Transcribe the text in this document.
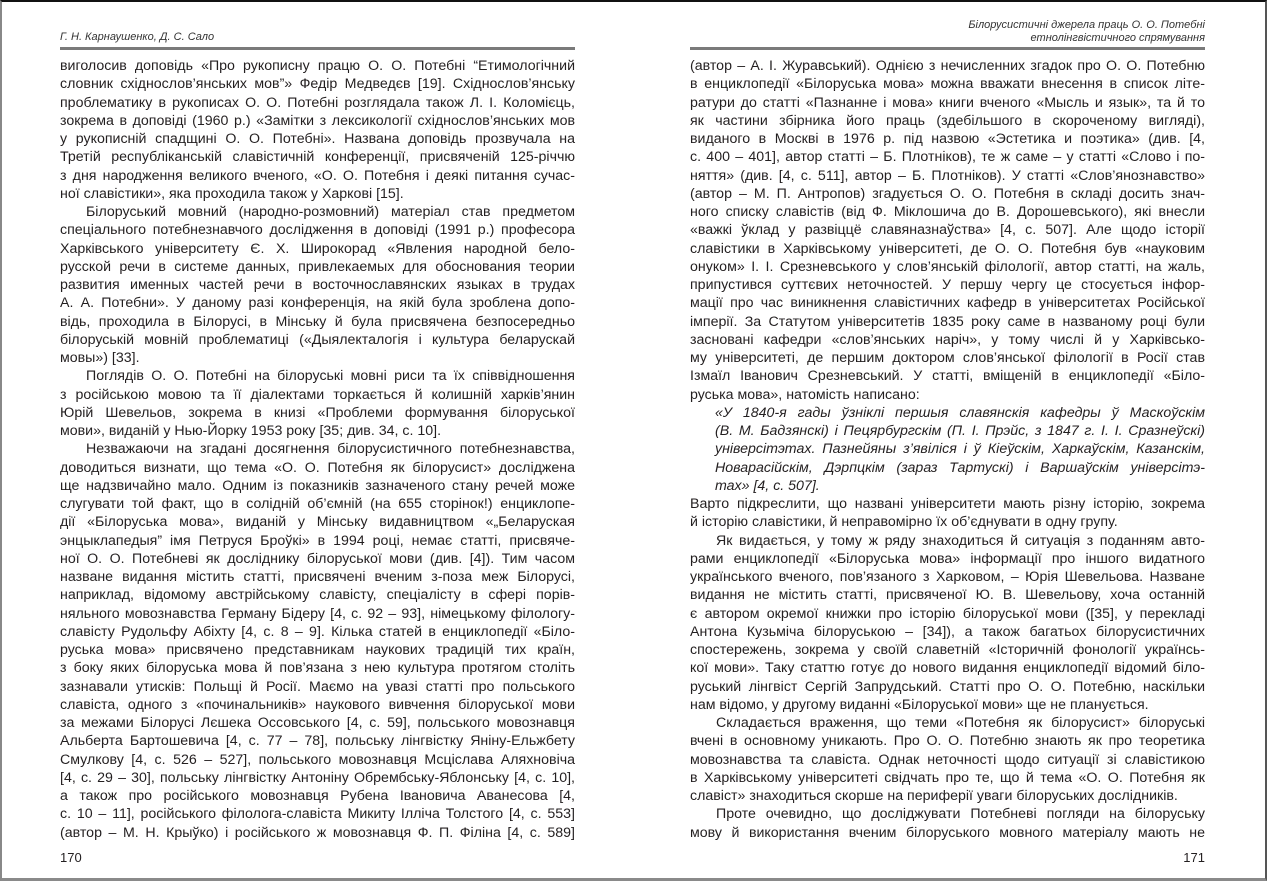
Г. Н. Карнаушенко, Д. С. Сало
виголосив доповідь «Про рукописну працю О. О. Потебні “Етимологічний
словник східнослов’янських мов”» Федір Медведєв [19]. Східнослов’янську
проблематику в рукописах О. О. Потебні розглядала також Л. І. Коломієць,
зокрема в доповіді (1960 р.) «Замітки з лексикології східнослов’янських мов
у рукописній спадщині О. О. Потебні». Названа доповідь прозвучала на
Третій республіканській славістичній конференції, присвяченій 125-річчю
з дня народження великого вченого, «О. О. Потебня і деякі питання сучас-
ної славістики», яка проходила також у Харкові [15].
Білоруський мовний (народно-розмовний) матеріал став предметом
спеціального потебнезнавчого дослідження в доповіді (1991 р.) професора
Харківського університету Є. Х. Широкорад «Явления народной бело-
русской речи в системе данных, привлекаемых для обоснования теории
развития именных частей речи в восточнославянских языках в трудах
А. А. Потебни». У даному разі конференція, на якій була зроблена допо-
відь, проходила в Білорусі, в Мінську й була присвячена безпосередньо
білоруській мовній проблематиці («Дыялекталогія і культура беларускай
мовы») [33].
Поглядів О. О. Потебні на білоруські мовні риси та їх співвідношення
з російською мовою та її діалектами торкається й колишній харків’янин
Юрій Шевельов, зокрема в книзі «Проблеми формування білоруської
мови», виданій у Нью-Йорку 1953 року [35; див. 34, с. 10].
Незважаючи на згадані досягнення білорусистичного потебнезнавства,
доводиться визнати, що тема «О. О. Потебня як білорусист» досліджена
ще надзвичайно мало. Одним із показників зазначеного стану речей може
слугувати той факт, що в солідній об’ємній (на 655 сторінок!) енциклопе-
дії «Білоруська мова», виданій у Мінську видавництвом «„Беларуская
энцыклапедыя” імя Петруся Броўкі» в 1994 році, немає статті, присвяче-
ної О. О. Потебневі як досліднику білоруської мови (див. [4]). Тим часом
назване видання містить статті, присвячені вченим з-поза меж Білорусі,
наприклад, відомому австрійському славісту, спеціалісту в сфері порів-
няльного мовознавства Герману Бідеру [4, с. 92 – 93], німецькому філологу-
славісту Рудольфу Абіхту [4, с. 8 – 9]. Кілька статей в енциклопедії «Біло-
руська мова» присвячено представникам наукових традицій тих країн,
з боку яких білоруська мова й пов’язана з нею культура протягом століть
зазнавали утисків: Польщі й Росії. Маємо на увазі статті про польського
славіста, одного з «починальників» наукового вивчення білоруської мови
за межами Білорусі Лєшека Оссовського [4, с. 59], польського мовознавця
Альберта Бартошевича [4, с. 77 – 78], польську лінгвістку Яніну-Ельжбету
Смулкову [4, с. 526 – 527], польського мовознавця Мсціслава Аляхновіча
[4, с. 29 – 30], польську лінгвістку Антоніну Обрембську-Яблонську [4, с. 10],
а також про російського мовознавця Рубена Івановича Аванесова [4,
с. 10 – 11], російського філолога-славіста Микиту Ілліча Толстого [4, с. 553]
(автор – М. Н. Крыўко) і російського ж мовознавця Ф. П. Філіна [4, с. 589]
170
Білорусистичні джерела праць О. О. Потебні
етнолінгвістичного спрямування
(автор – А. І. Журавський). Однією з нечисленних згадок про О. О. Потебню
в енциклопедії «Білоруська мова» можна вважати внесення в список літе-
ратури до статті «Пазнанне і мова» книги вченого «Мысль и язык», та й то
як частини збірника його праць (здебільшого в скороченому вигляді),
виданого в Москві в 1976 р. під назвою «Эстетика и поэтика» (див. [4,
с. 400 – 401], автор статті – Б. Плотніков), те ж саме – у статті «Слово і по-
няття» (див. [4, с. 511], автор – Б. Плотніков). У статті «Слов’янознавство»
(автор – М. П. Антропов) згадується О. О. Потебня в складі досить знач-
ного списку славістів (від Ф. Міклошича до В. Дорошевського), які внесли
«важкі ўклад у развіццё славяназнаўства» [4, с. 507]. Але щодо історії
славістики в Харківському університеті, де О. О. Потебня був «науковим
онуком» І. І. Срезневського у слов’янській філології, автор статті, на жаль,
припустився суттєвих неточностей. У першу чергу це стосується інфор-
мації про час виникнення славістичних кафедр в університетах Російської
імперії. За Статутом університетів 1835 року саме в названому році були
засновані кафедри «слов’янських наріч», у тому числі й у Харківсько-
му університеті, де першим доктором слов’янської філології в Росії став
Ізмаїл Іванович Срезневський. У статті, вміщеній в енциклопедії «Біло-
руська мова», натомість написано:
«У 1840-я гады ўзніклі першыя славянскія кафедры ў Маскоўскім
(В. М. Бадзянскі) і Пецярбургскім (П. І. Прэйс, з 1847 г. І. І. Сразнеўскі)
універсітэтах. Пазнейяны з’явіліся і ў Кіеўскім, Харкаўскім, Казанскім,
Новарасійскім, Дэрпцкім (зараз Тартускі) і Варшаўскім універсітэ-
тах» [4, с. 507].
Варто підкреслити, що названі університети мають різну історію, зокрема
й історію славістики, й неправомірно їх об’єднувати в одну групу.
Як видається, у тому ж ряду знаходиться й ситуація з поданням авто-
рами енциклопедії «Білоруська мова» інформації про іншого видатного
українського вченого, пов’язаного з Харковом, – Юрія Шевельова. Назване
видання не містить статті, присвяченої Ю. В. Шевельову, хоча останній
є автором окремої книжки про історію білоруської мови ([35], у перекладі
Антона Кузьміча білоруською – [34]), а також багатьох білорусистичних
спостережень, зокрема у своїй славетній «Історичній фонології українсь-
кої мови». Таку статтю готує до нового видання енциклопедії відомий біло-
руський лінгвіст Сергій Запрудський. Статті про О. О. Потебню, наскільки
нам відомо, у другому виданні «Білоруської мови» ще не планується.
Складається враження, що теми «Потебня як білорусист» білоруські
вчені в основному уникають. Про О. О. Потебню знають як про теоретика
мовознавства та славіста. Однак неточності щодо ситуації зі славістикою
в Харківському університеті свідчать про те, що й тема «О. О. Потебня як
славіст» знаходиться скорше на периферії уваги білоруських дослідників.
Проте очевидно, що досліджувати Потебневі погляди на білоруську
мову й використання вченим білоруського мовного матеріалу мають не
171
